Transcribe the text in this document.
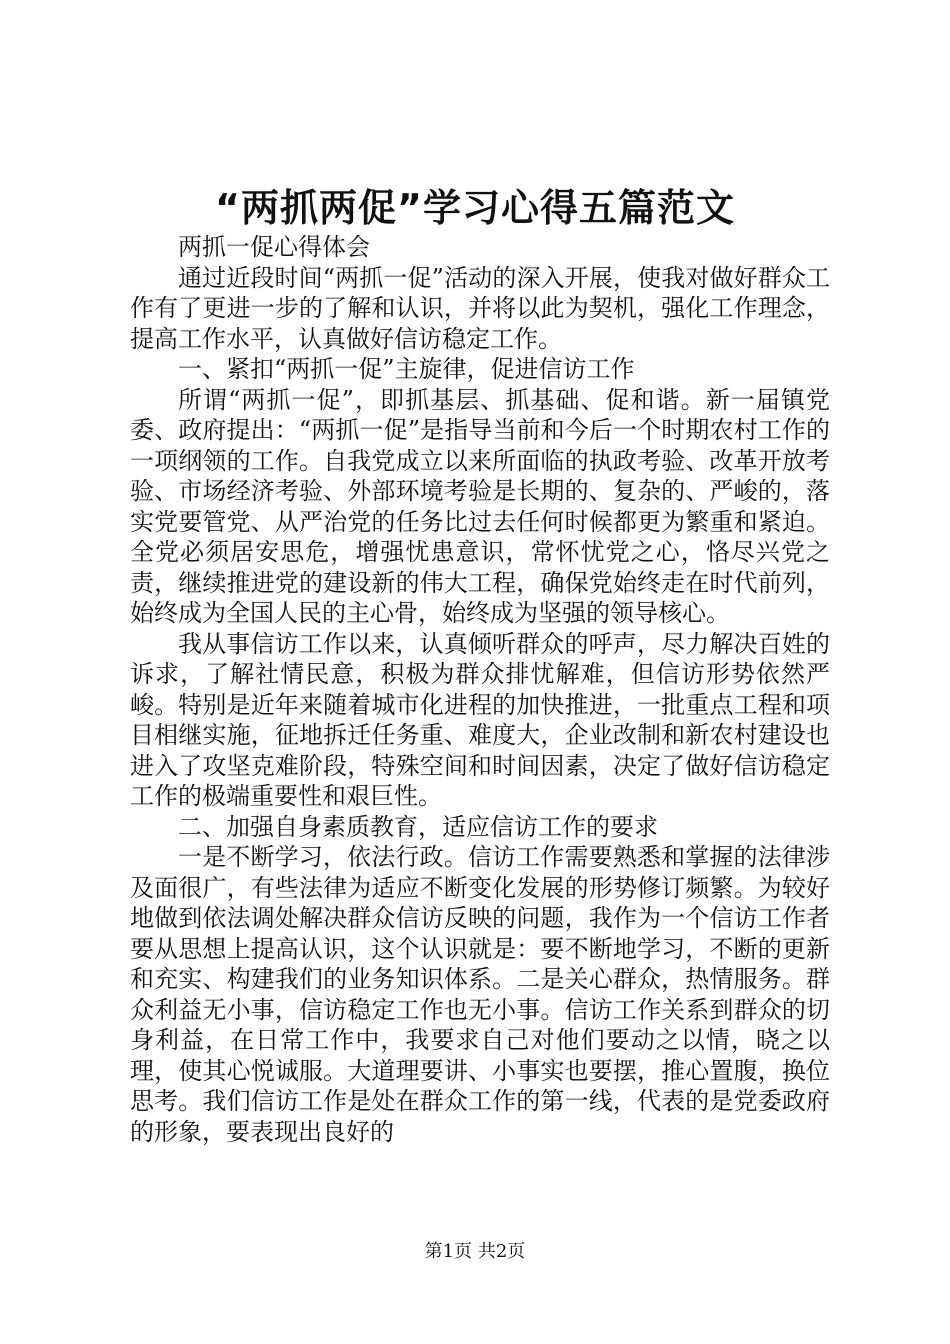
“两抓两促”学习心得五篇范文

两抓一促心得体会

通过近段时间“两抓一促”活动的深入开展，使我对做好群众工作有了更进一步的了解和认识，并将以此为契机，强化工作理念，提高工作水平，认真做好信访稳定工作。

一、紧扣“两抓一促”主旋律，促进信访工作

所谓“两抓一促”，即抓基层、抓基础、促和谐。新一届镇党委、政府提出：“两抓一促”是指导当前和今后一个时期农村工作的一项纲领的工作。自我党成立以来所面临的执政考验、改革开放考验、市场经济考验、外部环境考验是长期的、复杂的、严峻的，落实党要管党、从严治党的任务比过去任何时候都更为繁重和紧迫。全党必须居安思危，增强忧患意识，常怀忧党之心，恪尽兴党之责，继续推进党的建设新的伟大工程，确保党始终走在时代前列，始终成为全国人民的主心骨，始终成为坚强的领导核心。

我从事信访工作以来，认真倾听群众的呼声，尽力解决百姓的诉求，了解社情民意，积极为群众排忧解难，但信访形势依然严峻。特别是近年来随着城市化进程的加快推进，一批重点工程和项目相继实施，征地拆迁任务重、难度大，企业改制和新农村建设也进入了攻坚克难阶段，特殊空间和时间因素，决定了做好信访稳定工作的极端重要性和艰巨性。

二、加强自身素质教育，适应信访工作的要求

一是不断学习，依法行政。信访工作需要熟悉和掌握的法律涉及面很广，有些法律为适应不断变化发展的形势修订频繁。为较好地做到依法调处解决群众信访反映的问题，我作为一个信访工作者要从思想上提高认识，这个认识就是：要不断地学习，不断的更新和充实、构建我们的业务知识体系。二是关心群众，热情服务。群众利益无小事，信访稳定工作也无小事。信访工作关系到群众的切身利益，在日常工作中，我要求自己对他们要动之以情，晓之以理，使其心悦诚服。大道理要讲、小事实也要摆，推心置腹，换位思考。我们信访工作是处在群众工作的第一线，代表的是党委政府的形象，要表现出良好的

第1页 共2页
